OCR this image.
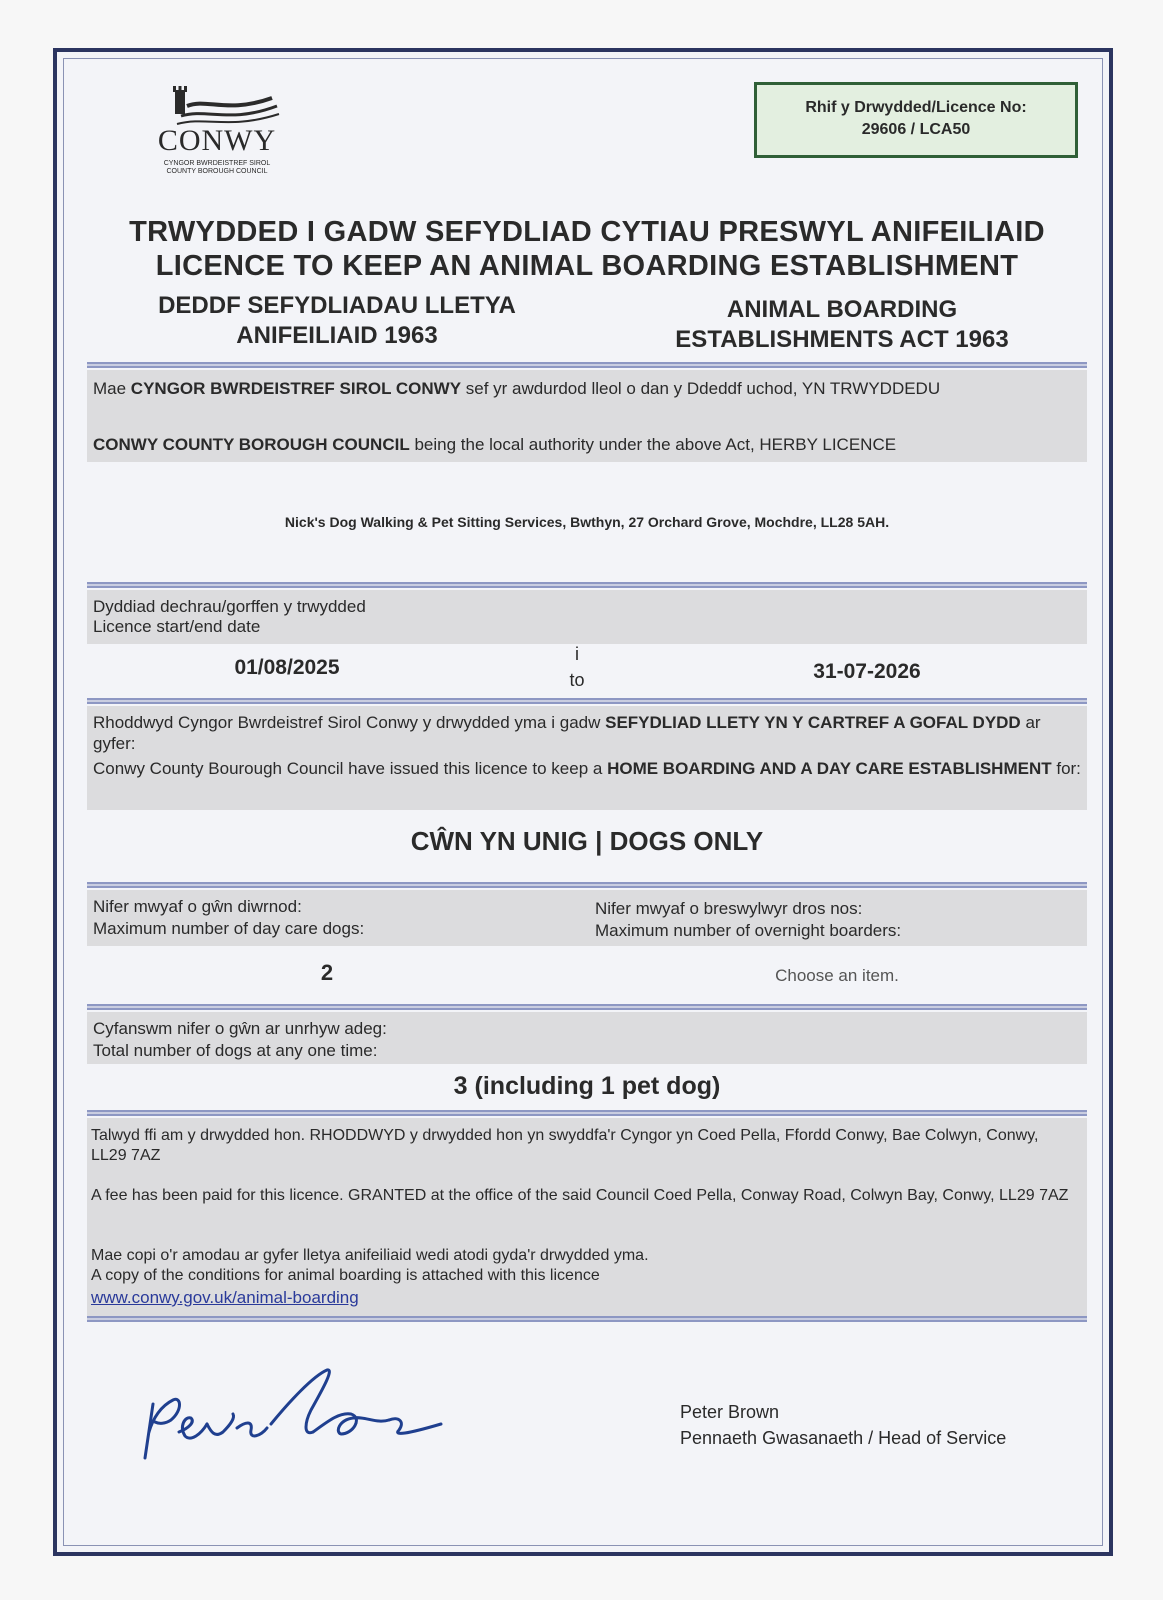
CONWY
CYNGOR BWRDEISTREF SIROL
COUNTY BOROUGH COUNCIL
Rhif y Drwydded/Licence No:
29606 / LCA50
TRWYDDED I GADW SEFYDLIAD CYTIAU PRESWYL ANIFEILIAID
LICENCE TO KEEP AN ANIMAL BOARDING ESTABLISHMENT
DEDDF SEFYDLIADAU LLETYA
ANIFEILIAID 1963
ANIMAL BOARDING
ESTABLISHMENTS ACT 1963
Mae CYNGOR BWRDEISTREF SIROL CONWY sef yr awdurdod lleol o dan y Ddeddf uchod, YN TRWYDDEDU
CONWY COUNTY BOROUGH COUNCIL being the local authority under the above Act, HERBY LICENCE
Nick's Dog Walking & Pet Sitting Services, Bwthyn, 27 Orchard Grove, Mochdre, LL28 5AH.
Dyddiad dechrau/gorffen y trwydded
Licence start/end date
01/08/2025
i
to	31-07-2026
Rhoddwyd Cyngor Bwrdeistref Sirol Conwy y drwydded yma i gadw SEFYDLIAD LLETY YN Y CARTREF A GOFAL DYDD ar gyfer:
Conwy County Bourough Council have issued this licence to keep a HOME BOARDING AND A DAY CARE ESTABLISHMENT for:
CŴN YN UNIG | DOGS ONLY
Nifer mwyaf o gŵn diwrnod:
Maximum number of day care dogs:
Nifer mwyaf o breswylwyr dros nos:
Maximum number of overnight boarders:
2	Choose an item.
Cyfanswm nifer o gŵn ar unrhyw adeg:
Total number of dogs at any one time:
3 (including 1 pet dog)
Talwyd ffi am y drwydded hon. RHODDWYD y drwydded hon yn swyddfa'r Cyngor yn Coed Pella, Ffordd Conwy, Bae Colwyn, Conwy, LL29 7AZ
A fee has been paid for this licence. GRANTED at the office of the said Council Coed Pella, Conway Road, Colwyn Bay, Conwy, LL29 7AZ
Mae copi o'r amodau ar gyfer lletya anifeiliaid wedi atodi gyda'r drwydded yma.
A copy of the conditions for animal boarding is attached with this licence
www.conwy.gov.uk/animal-boarding
Peter Brown
Pennaeth Gwasanaeth / Head of Service
